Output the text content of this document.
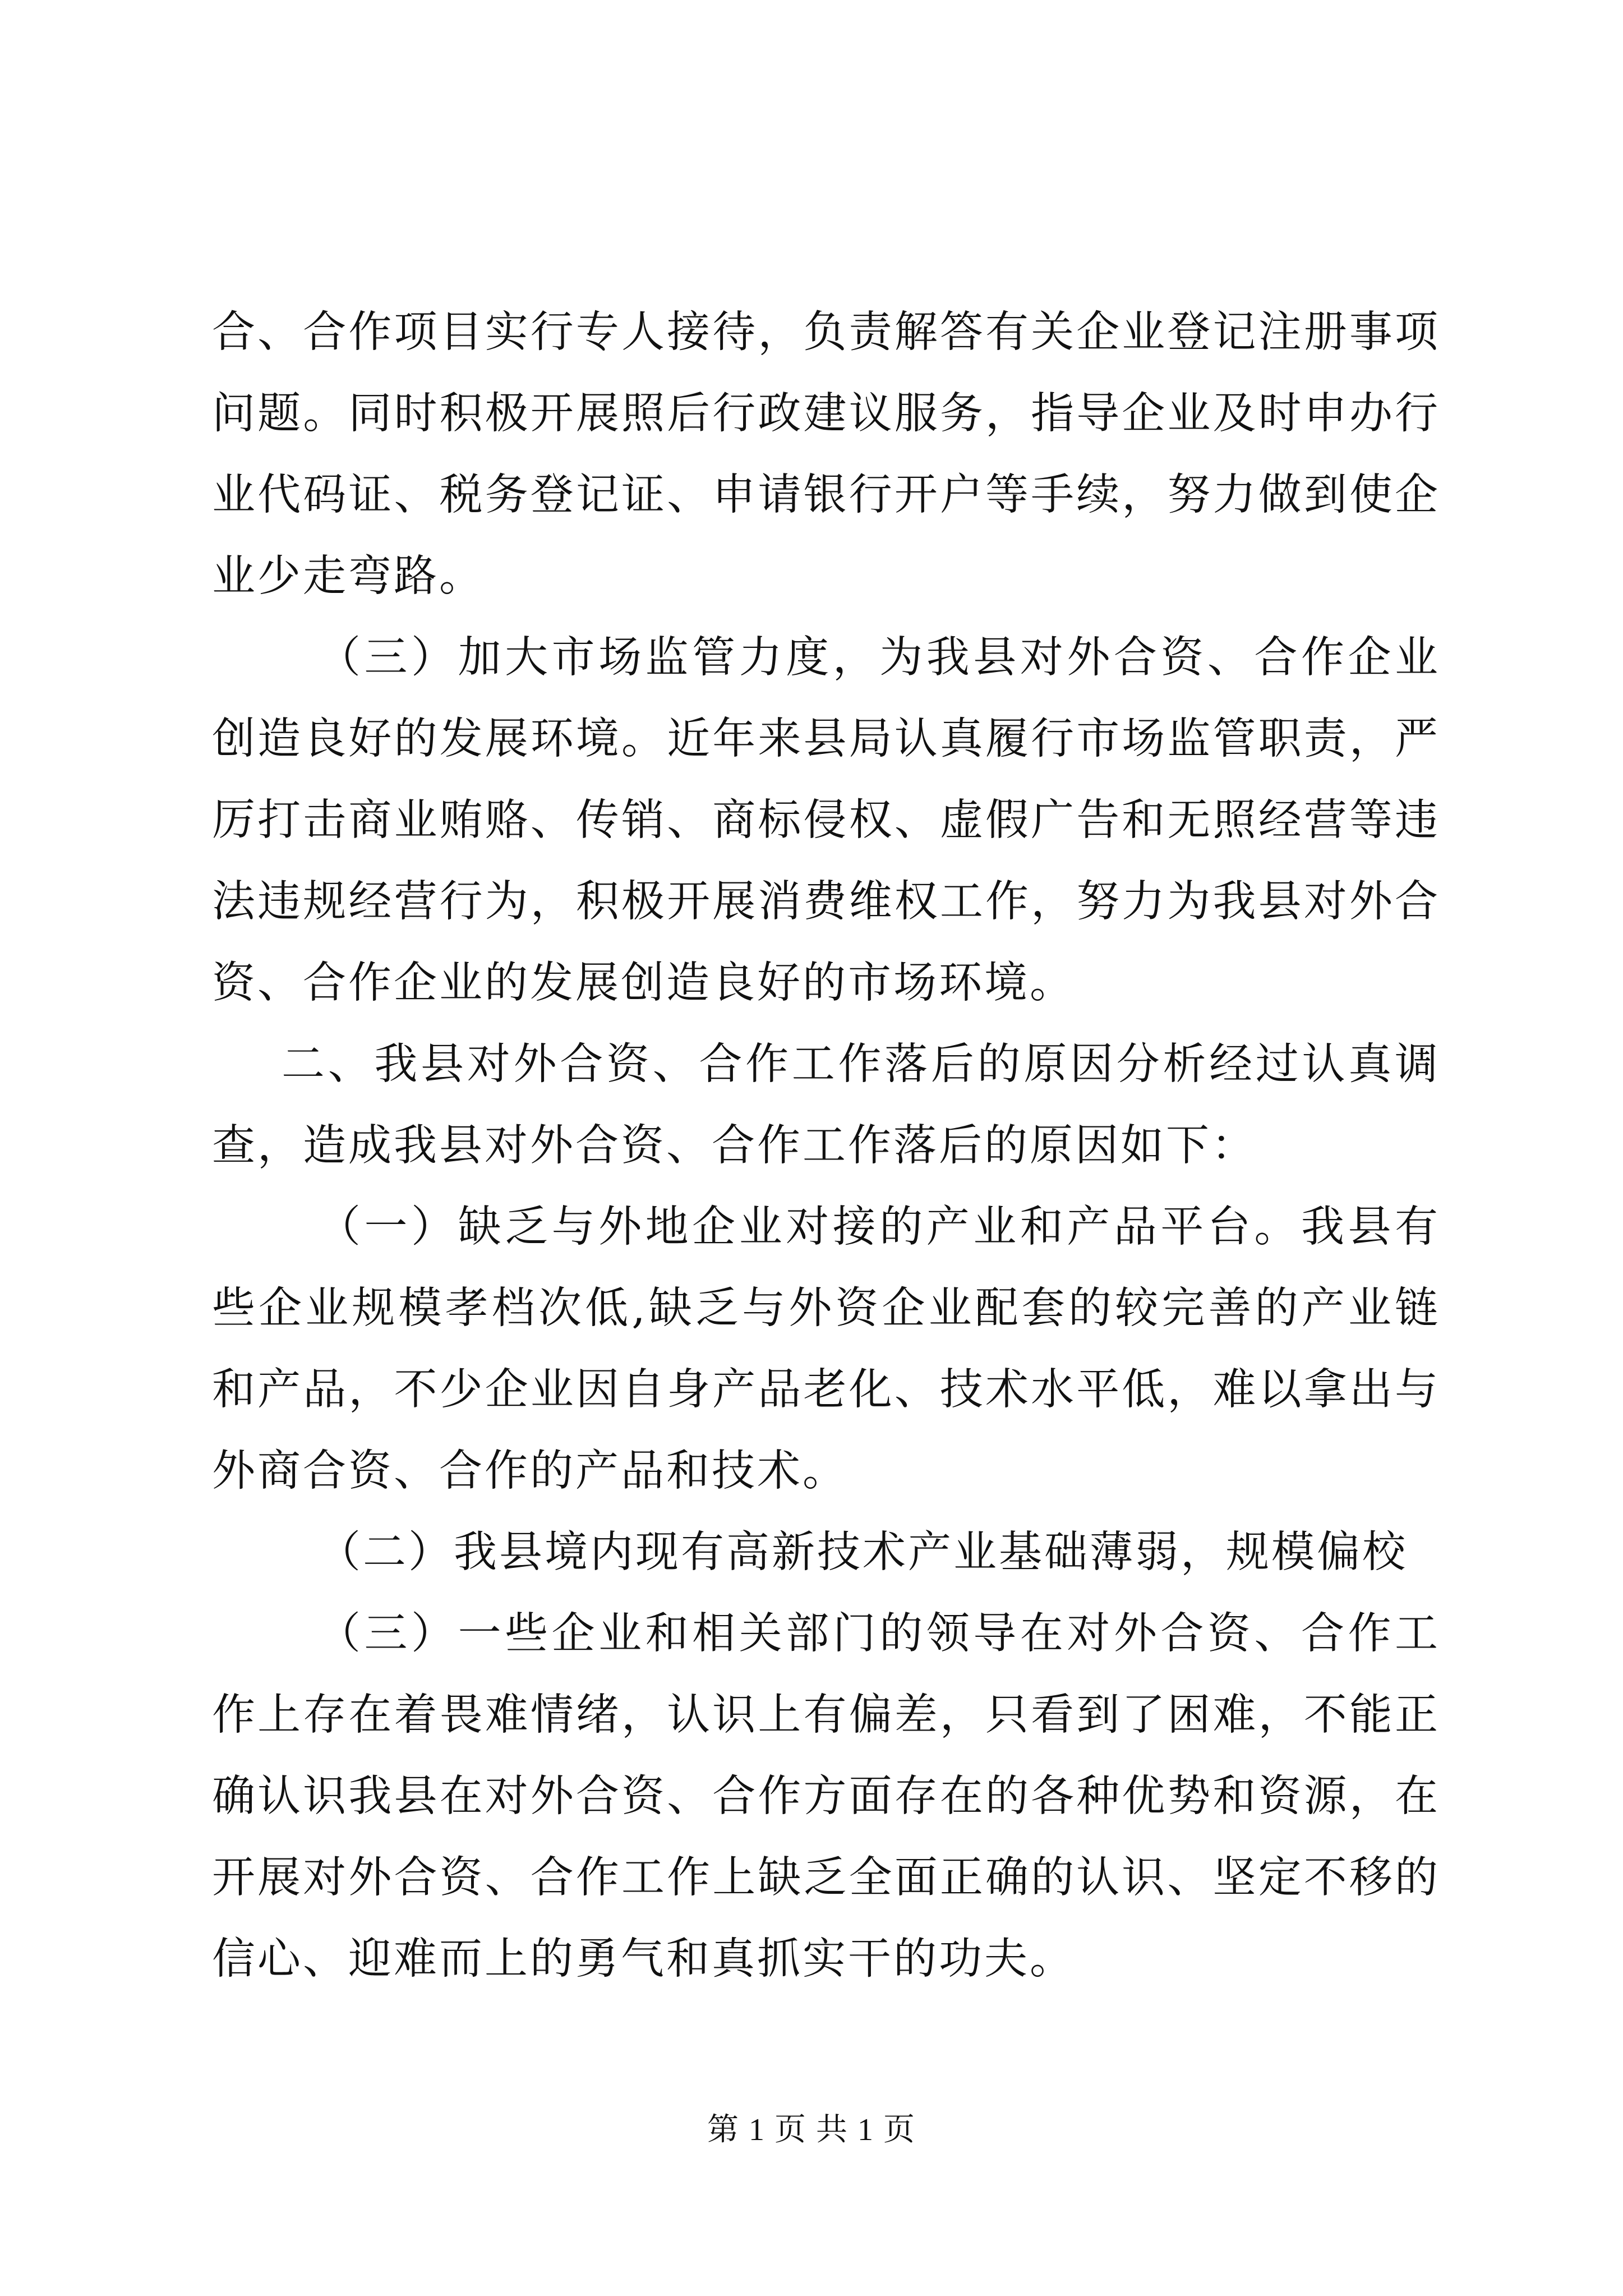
合、合作项目实行专人接待，负责解答有关企业登记注册事项问题。同时积极开展照后行政建议服务，指导企业及时申办行业代码证、税务登记证、申请银行开户等手续，努力做到使企业少走弯路。

（三）加大市场监管力度，为我县对外合资、合作企业创造良好的发展环境。近年来县局认真履行市场监管职责，严厉打击商业贿赂、传销、商标侵权、虚假广告和无照经营等违法违规经营行为，积极开展消费维权工作，努力为我县对外合资、合作企业的发展创造良好的市场环境。

二、我县对外合资、合作工作落后的原因分析经过认真调查，造成我县对外合资、合作工作落后的原因如下：

（一）缺乏与外地企业对接的产业和产品平台。我县有些企业规模孝档次低,缺乏与外资企业配套的较完善的产业链和产品，不少企业因自身产品老化、技术水平低，难以拿出与外商合资、合作的产品和技术。

（二）我县境内现有高新技术产业基础薄弱，规模偏校

（三）一些企业和相关部门的领导在对外合资、合作工作上存在着畏难情绪，认识上有偏差，只看到了困难，不能正确认识我县在对外合资、合作方面存在的各种优势和资源，在开展对外合资、合作工作上缺乏全面正确的认识、坚定不移的信心、迎难而上的勇气和真抓实干的功夫。

第 1 页 共 1 页
